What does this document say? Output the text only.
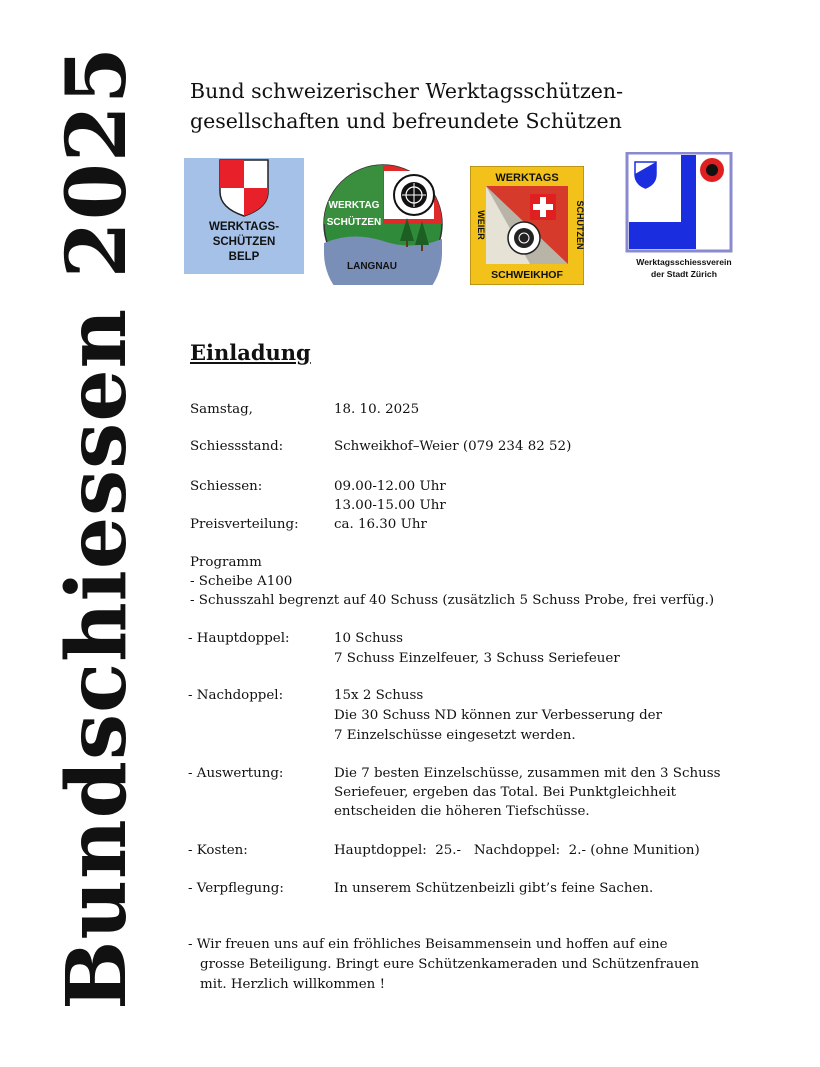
Bundschiessen 2025 Bund schweizerischer Werktagsschützen-
gesellschaften und befreundete Schützen
WERKTAGS-
SCHÜTZEN
BELP
WERKTAG
SCHÜTZEN
LANGNAU
WERKTAGS
SCHÜTZEN
WEIER
SCHWEIKHOF
Werktagsschiessverein
der Stadt Zürich
Einladung
Samstag,	18. 10. 2025
Schiessstand:	Schweikhof–Weier (079 234 82 52)
Schiessen:	09.00-12.00 Uhr
13.00-15.00 Uhr
Preisverteilung:	ca. 16.30 Uhr
Programm
- Scheibe A100
- Schusszahl begrenzt auf 40 Schuss (zusätzlich 5 Schuss Probe, frei verfüg.)
- Hauptdoppel:	10 Schuss
7 Schuss Einzelfeuer, 3 Schuss Seriefeuer
- Nachdoppel:	15x 2 Schuss
Die 30 Schuss ND können zur Verbesserung der
7 Einzelschüsse eingesetzt werden.
- Auswertung:	Die 7 besten Einzelschüsse, zusammen mit den 3 Schuss
Seriefeuer, ergeben das Total. Bei Punktgleichheit
entscheiden die höheren Tiefschüsse.
- Kosten:	Hauptdoppel:  25.-   Nachdoppel:  2.- (ohne Munition)
- Verpflegung:	In unserem Schützenbeizli gibt’s feine Sachen.
- Wir freuen uns auf ein fröhliches Beisammensein und hoffen auf eine
grosse Beteiligung. Bringt eure Schützenkameraden und Schützenfrauen
mit. Herzlich willkommen !
